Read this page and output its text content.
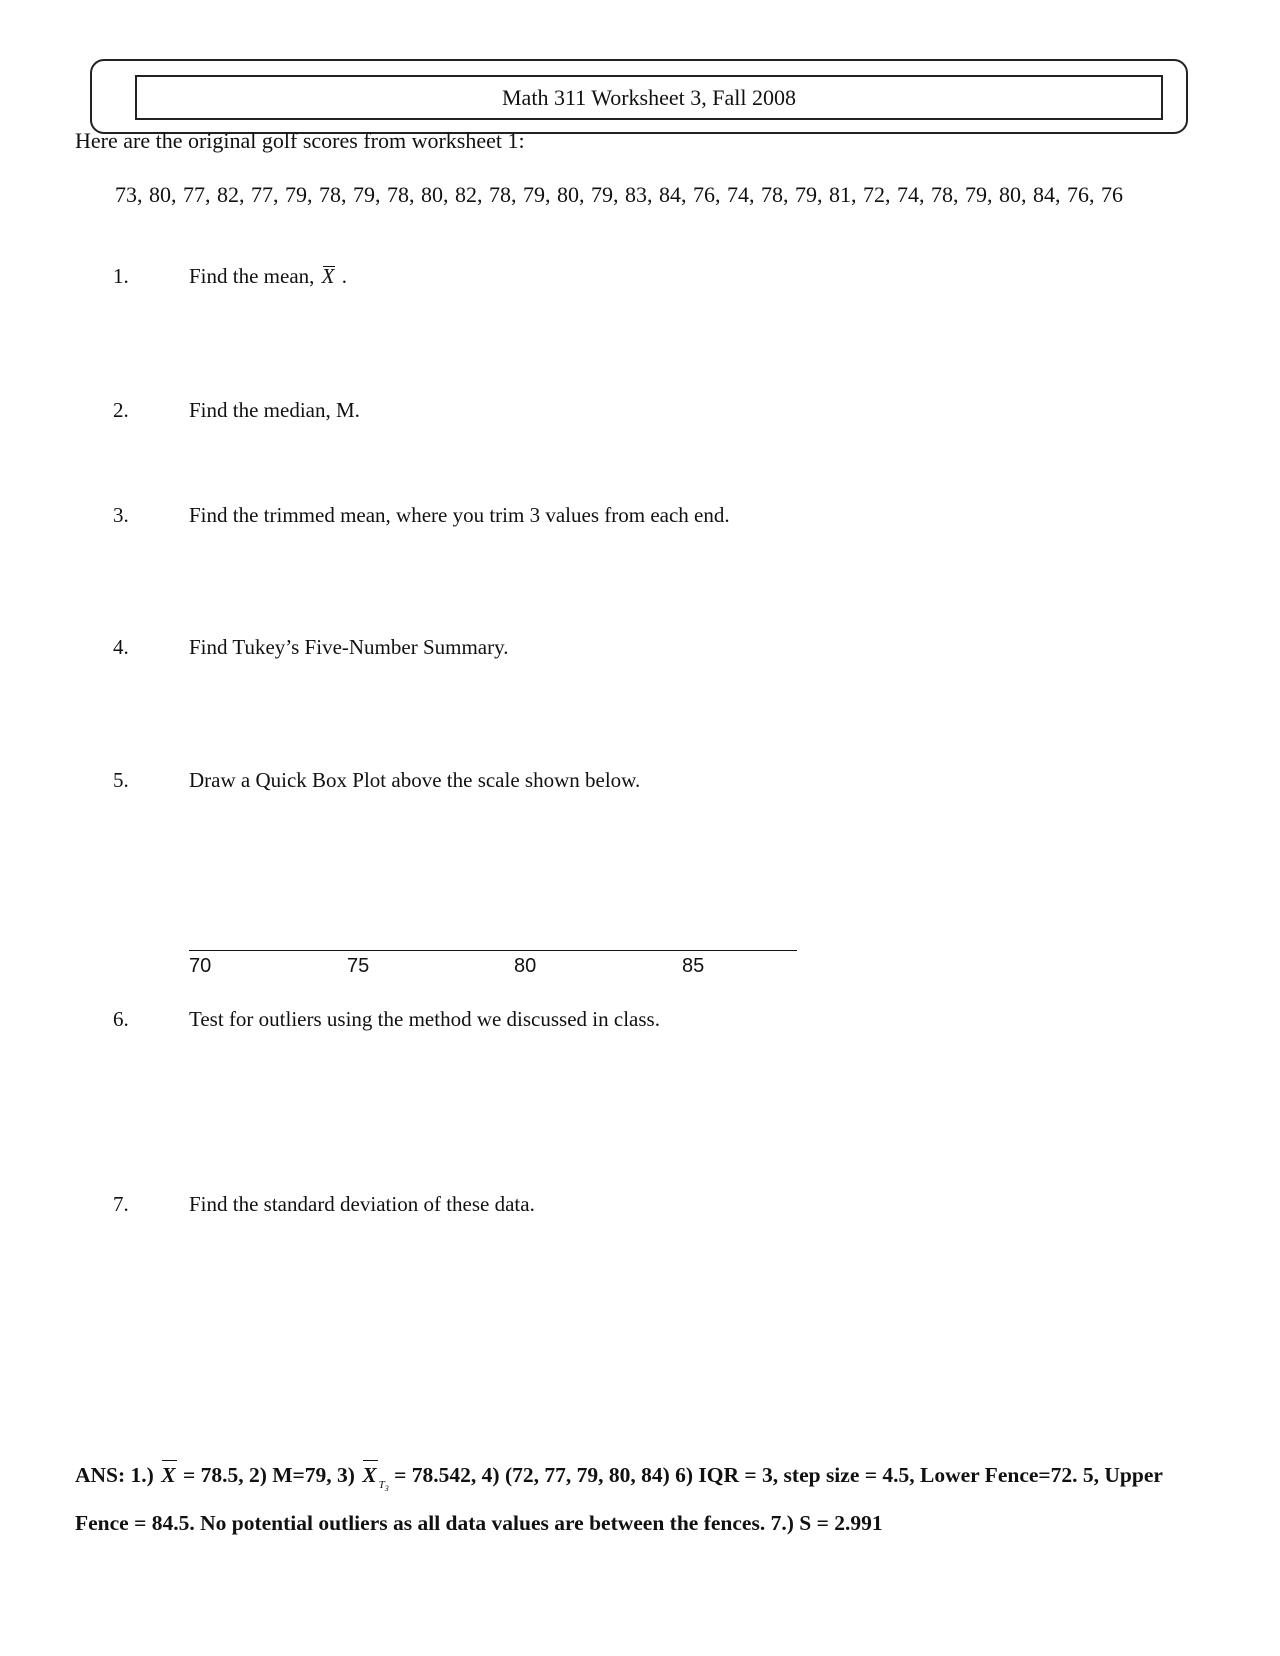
Math 311 Worksheet 3, Fall 2008
Here are the original golf scores from worksheet 1:
73, 80, 77, 82, 77, 79, 78, 79, 78, 80, 82, 78, 79, 80, 79, 83, 84, 76, 74, 78, 79, 81, 72, 74, 78, 79, 80, 84, 76, 76
1.	Find the mean, X .
2.	Find the median, M.
3.	Find the trimmed mean, where you trim 3 values from each end.
4.	Find Tukey’s Five-Number Summary.
5.	Draw a Quick Box Plot above the scale shown below.
70	75	80	85
6.	Test for outliers using the method we discussed in class.
7.	Find the standard deviation of these data.
ANS: 1.) X = 78.5, 2) M=79, 3) X $_{T_3}$ = 78.542, 4) (72, 77, 79, 80, 84) 6) IQR = 3, step size = 4.5, Lower Fence=72. 5, Upper Fence = 84.5. No potential outliers as all data values are between the fences. 7.) S = 2.991
